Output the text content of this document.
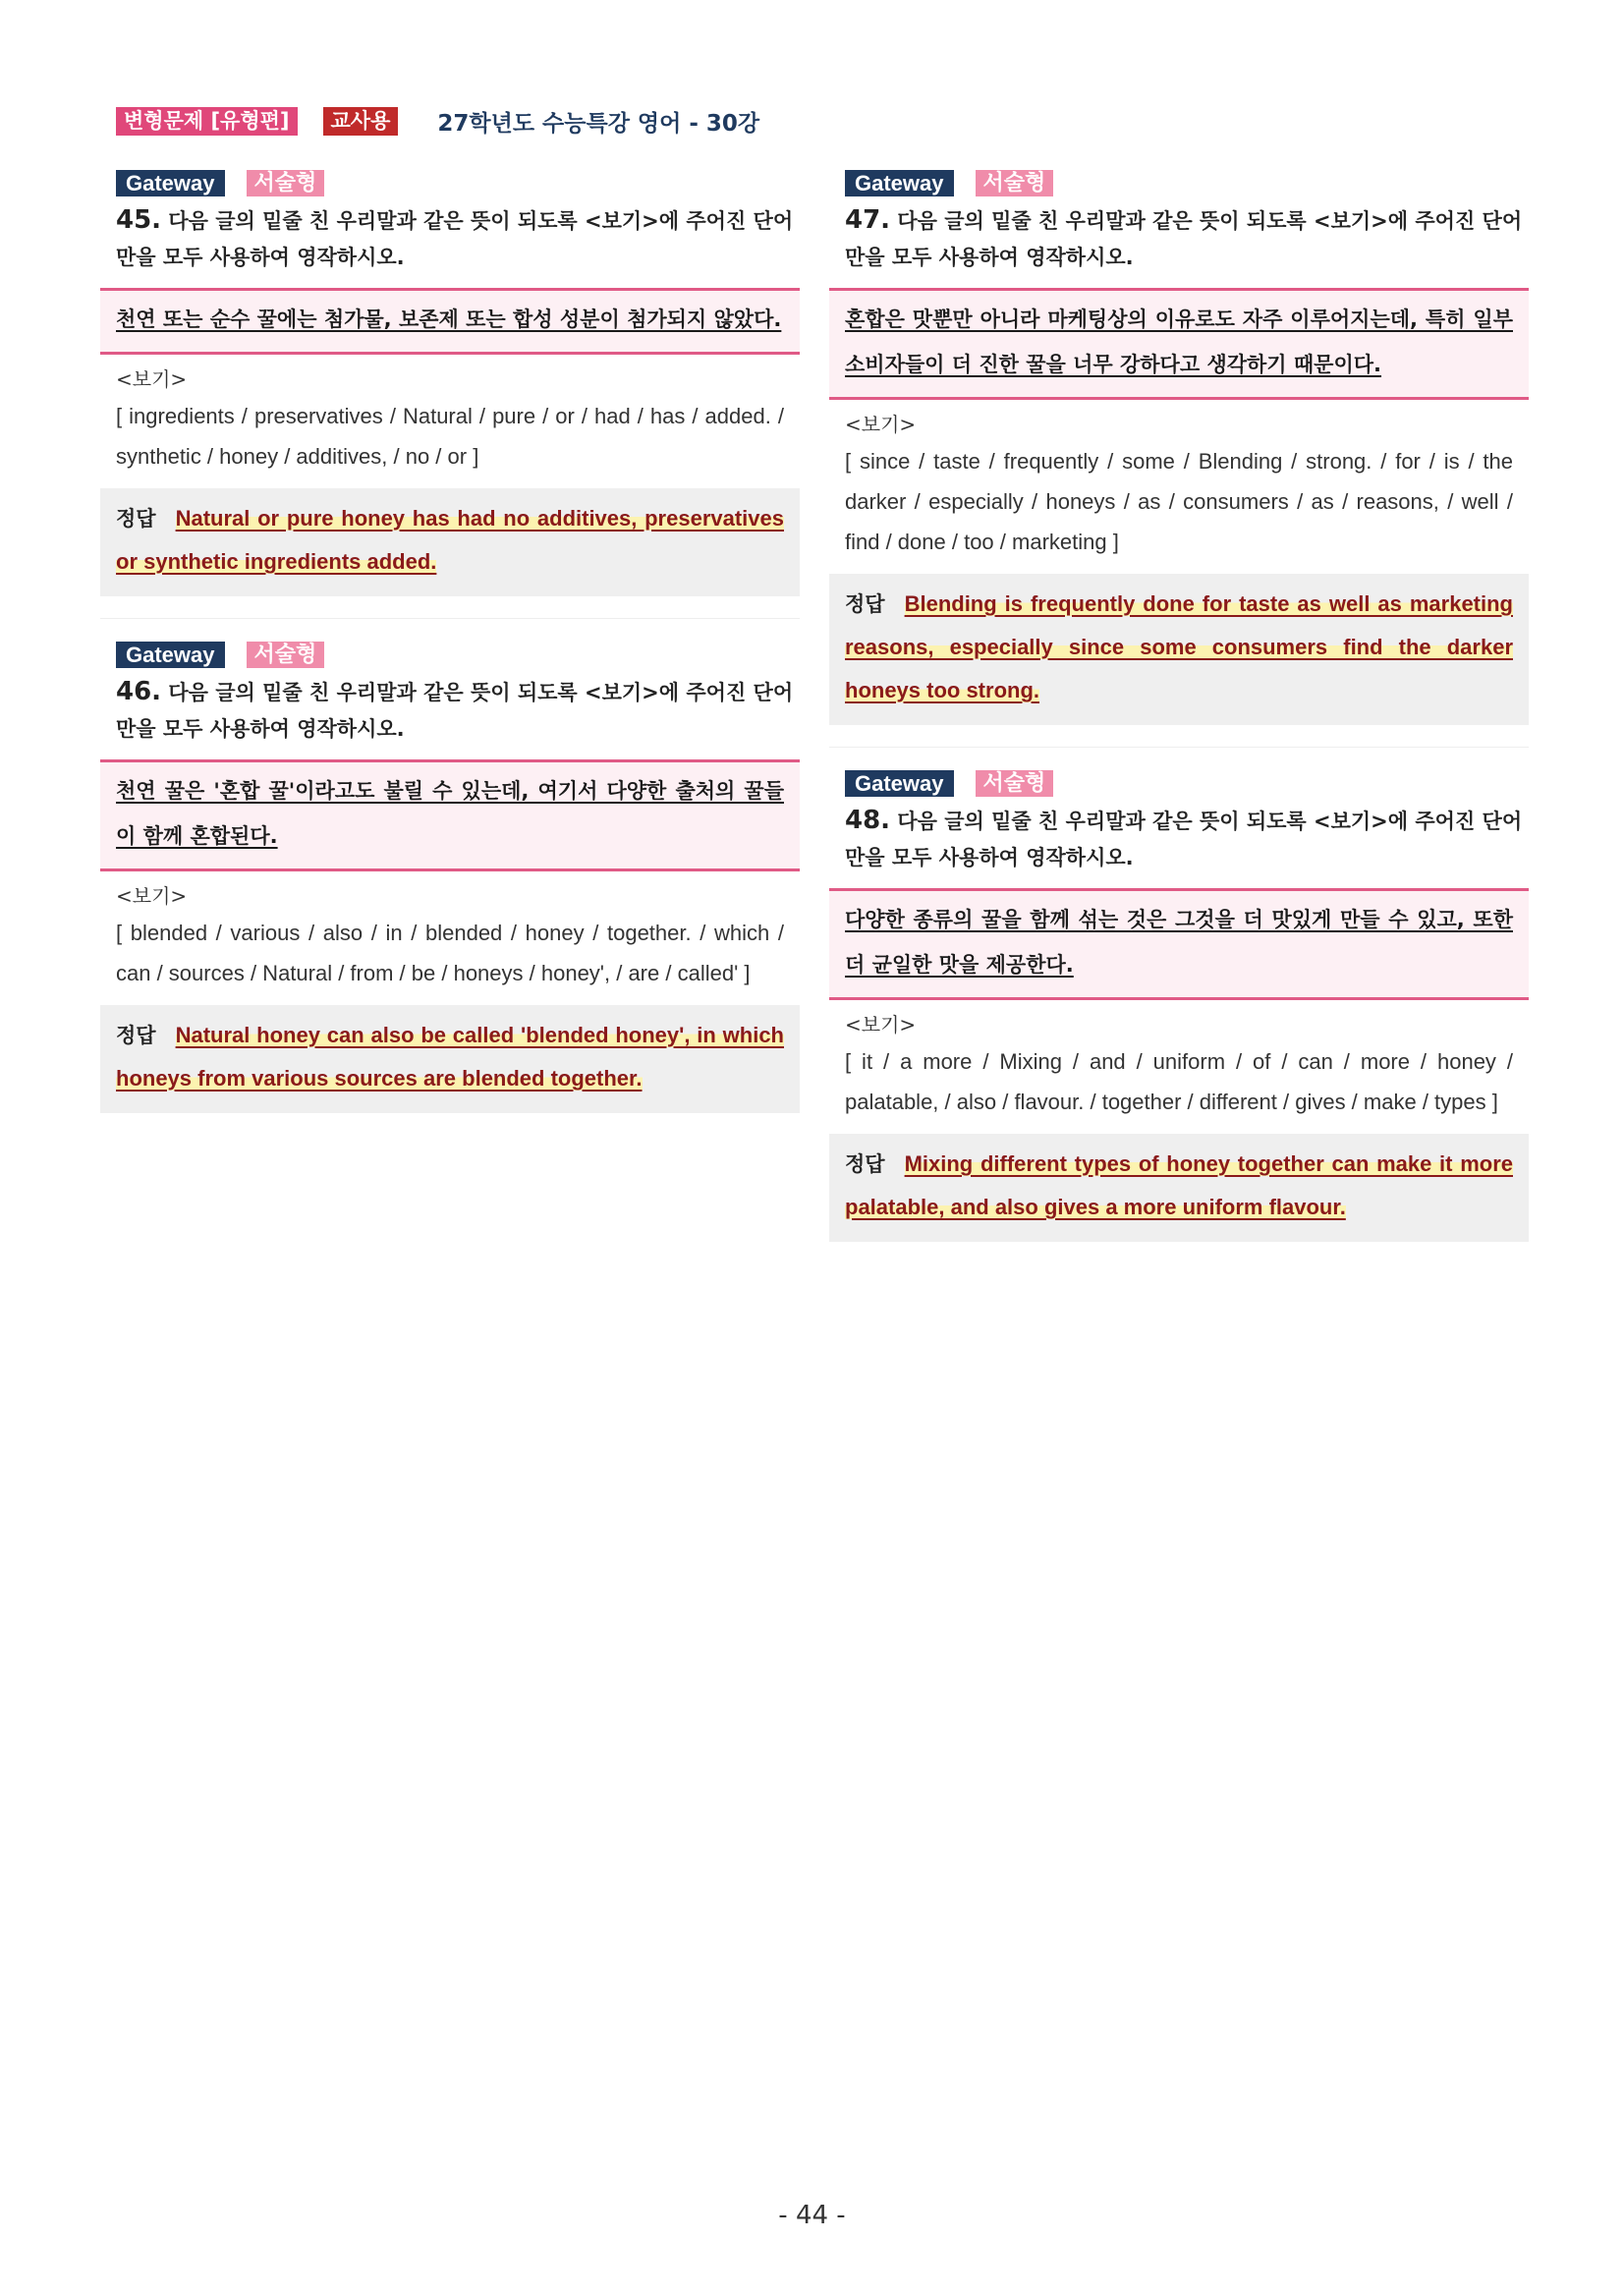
변형문제 [유형편]	교사용	27학년도 수능특강 영어 - 30강
Gateway	서술형
45. 다음 글의 밑줄 친 우리말과 같은 뜻이 되도록 <보기>에 주어진 단어만을 모두 사용하여 영작하시오.
천연 또는 순수 꿀에는 첨가물, 보존제 또는 합성 성분이 첨가되지 않았다.
<보기>
[ ingredients / preservatives / Natural / pure / or / had / has / added. / synthetic / honey / additives, / no / or ]
정답 Natural or pure honey has had no additives, preservatives or synthetic ingredients added.
Gateway	서술형
46. 다음 글의 밑줄 친 우리말과 같은 뜻이 되도록 <보기>에 주어진 단어만을 모두 사용하여 영작하시오.
천연 꿀은 '혼합 꿀'이라고도 불릴 수 있는데, 여기서 다양한 출처의 꿀들이 함께 혼합된다.
<보기>
[ blended / various / also / in / blended / honey / together. / which / can / sources / Natural / from / be / honeys / honey', / are / called' ]
정답 Natural honey can also be called 'blended honey', in which honeys from various sources are blended together.
Gateway	서술형
47. 다음 글의 밑줄 친 우리말과 같은 뜻이 되도록 <보기>에 주어진 단어만을 모두 사용하여 영작하시오.
혼합은 맛뿐만 아니라 마케팅상의 이유로도 자주 이루어지는데, 특히 일부 소비자들이 더 진한 꿀을 너무 강하다고 생각하기 때문이다.
<보기>
[ since / taste / frequently / some / Blending / strong. / for / is / the darker / especially / honeys / as / consumers / as / reasons, / well / find / done / too / marketing ]
정답 Blending is frequently done for taste as well as marketing reasons, especially since some consumers find the darker honeys too strong.
Gateway	서술형
48. 다음 글의 밑줄 친 우리말과 같은 뜻이 되도록 <보기>에 주어진 단어만을 모두 사용하여 영작하시오.
다양한 종류의 꿀을 함께 섞는 것은 그것을 더 맛있게 만들 수 있고, 또한 더 균일한 맛을 제공한다.
<보기>
[ it / a more / Mixing / and / uniform / of / can / more / honey / palatable, / also / flavour. / together / different / gives / make / types ]
정답 Mixing different types of honey together can make it more palatable, and also gives a more uniform flavour.
- 44 -
